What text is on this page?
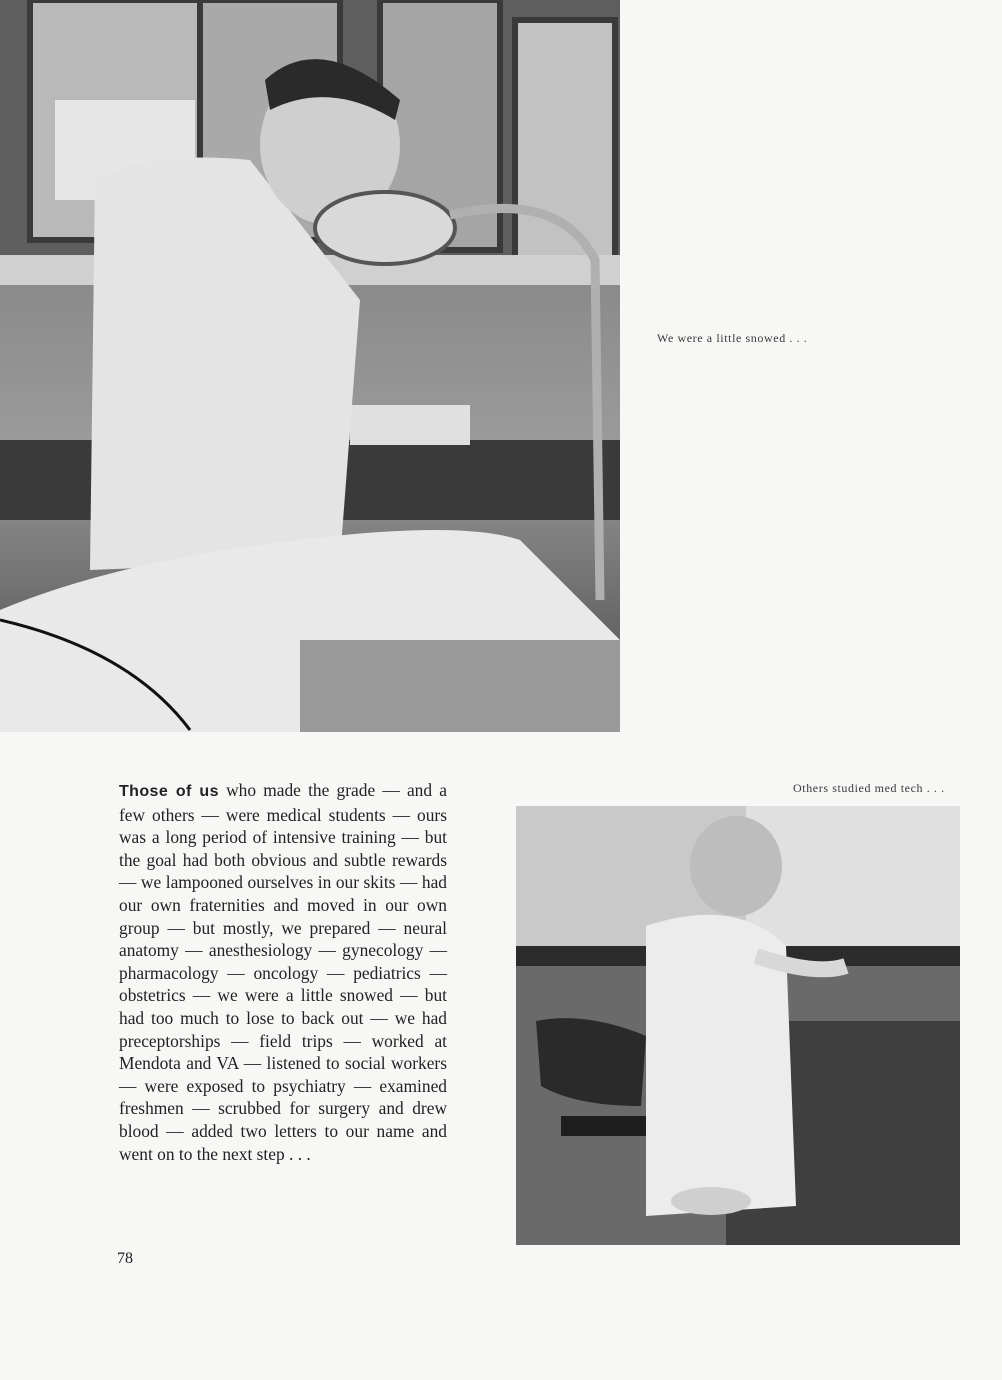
We were a little snowed . . .
Others studied med tech . . .
Those of us who made the grade — and a few others — were medical students — ours was a long period of intensive training — but the goal had both obvious and subtle rewards — we lampooned ourselves in our skits — had our own fraternities and moved in our own group — but mostly, we prepared — neural anatomy — anesthesiology — gynecology — pharmacology — oncology — pediatrics — obstetrics — we were a little snowed — but had too much to lose to back out — we had preceptorships — field trips — worked at Mendota and VA — listened to social workers — were exposed to psychiatry — examined freshmen — scrubbed for surgery and drew blood — added two letters to our name and went on to the next step . . .
78
